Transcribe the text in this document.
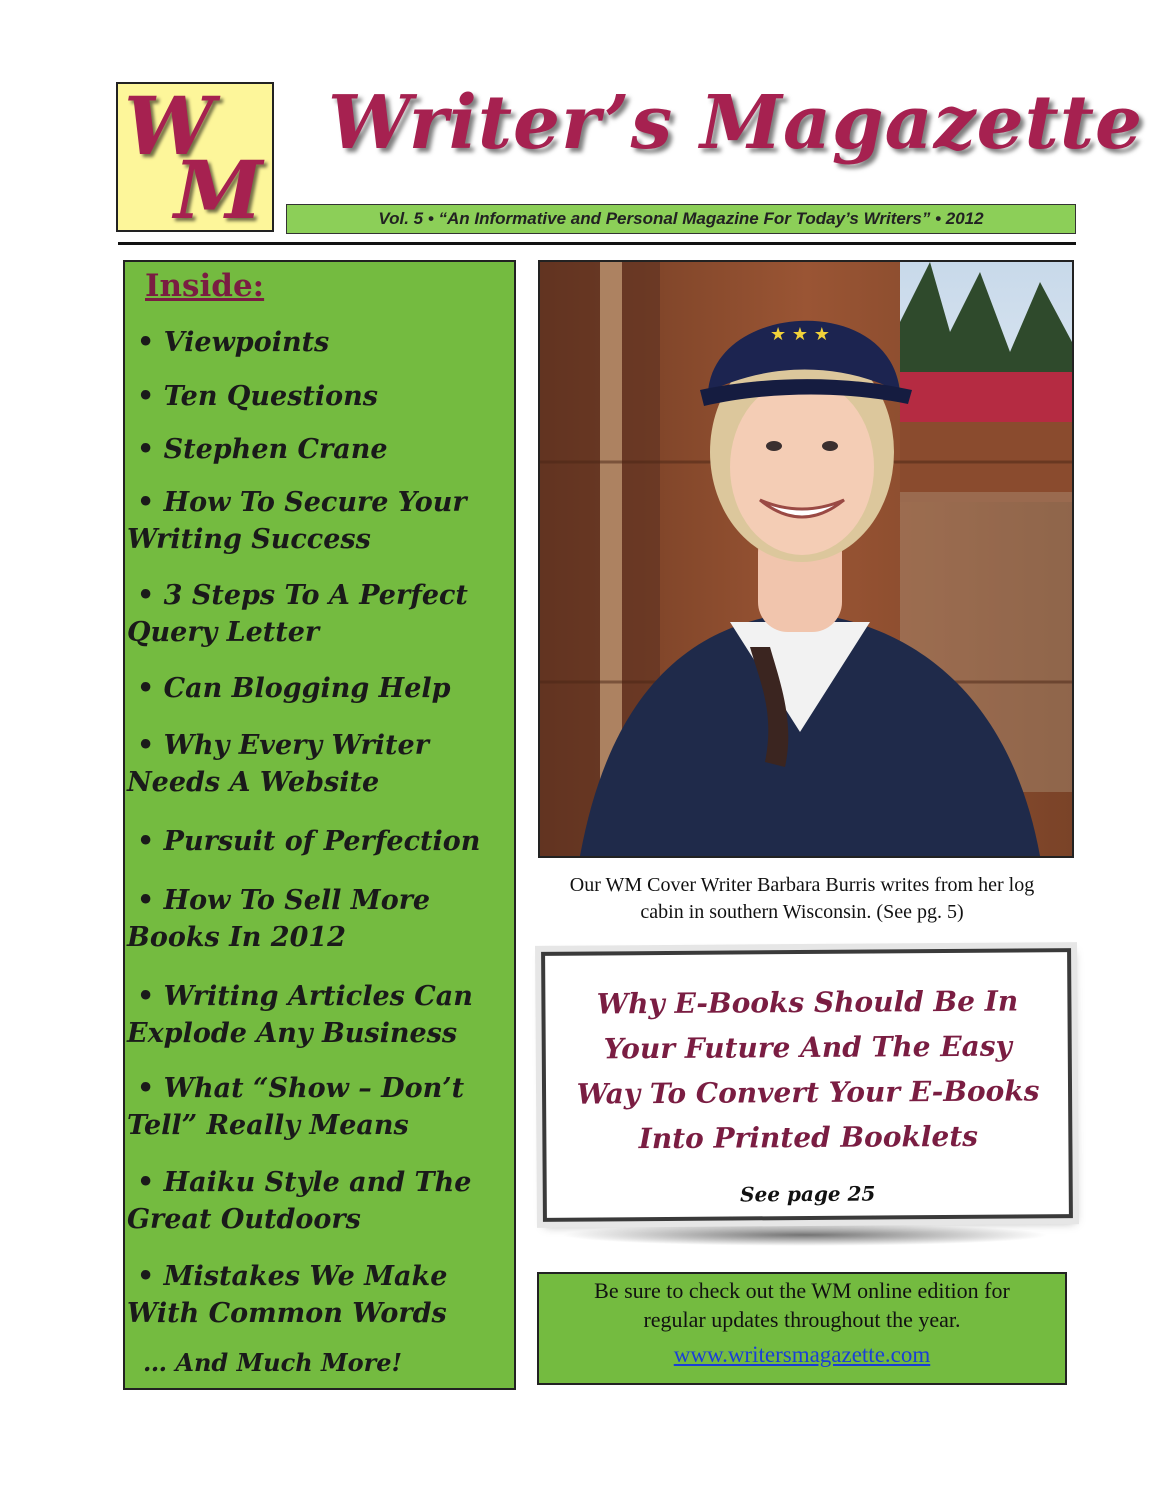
W
M
Writer’s Magazette
Vol. 5 • “An Informative and Personal Magazine For Today’s Writers” • 2012
Inside:
• Viewpoints
• Ten Questions
• Stephen Crane
• How To Secure Your Writing Success
• 3 Steps To A Perfect Query Letter
• Can Blogging Help
• Why Every Writer Needs A Website
• Pursuit of Perfection
• How To Sell More Books In 2012
• Writing Articles Can Explode Any Business
• What “Show – Don’t Tell” Really Means
• Haiku Style and The Great Outdoors
• Mistakes We Make With Common Words
… And Much More!
★ ★ ★
Our WM Cover Writer Barbara Burris writes from her log
cabin in southern Wisconsin. (See pg. 5)
Why E-Books Should Be In
Your Future And The Easy
Way To Convert Your E-Books
Into Printed Booklets
See page 25
Be sure to check out the WM online edition for
regular updates throughout the year.
www.writersmagazette.com
